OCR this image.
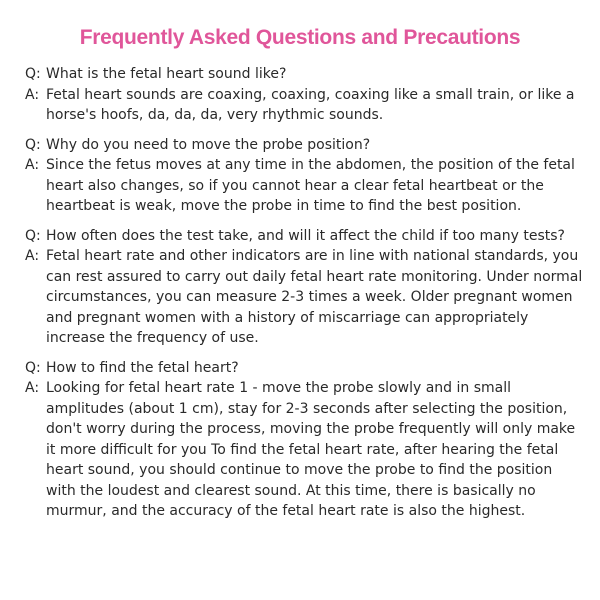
Frequently Asked Questions and Precautions
Q: What is the fetal heart sound like?
A: Fetal heart sounds are coaxing, coaxing, coaxing like a small train, or like a horse's hoofs, da, da, da, very rhythmic sounds.
Q: Why do you need to move the probe position?
A: Since the fetus moves at any time in the abdomen, the position of the fetal heart also changes, so if you cannot hear a clear fetal heartbeat or the heartbeat is weak, move the probe in time to find the best position.
Q: How often does the test take, and will it affect the child if too many tests?
A: Fetal heart rate and other indicators are in line with national standards, you can rest assured to carry out daily fetal heart rate monitoring. Under normal circumstances, you can measure 2-3 times a week. Older pregnant women and pregnant women with a history of miscarriage can appropriately increase the frequency of use.
Q: How to find the fetal heart?
A: Looking for fetal heart rate 1 - move the probe slowly and in small amplitudes (about 1 cm), stay for 2-3 seconds after selecting the position, don't worry during the process, moving the probe frequently will only make it more difficult for you To find the fetal heart rate, after hearing the fetal heart sound, you should continue to move the probe to find the position with the loudest and clearest sound. At this time, there is basically no murmur, and the accuracy of the fetal heart rate is also the highest.
